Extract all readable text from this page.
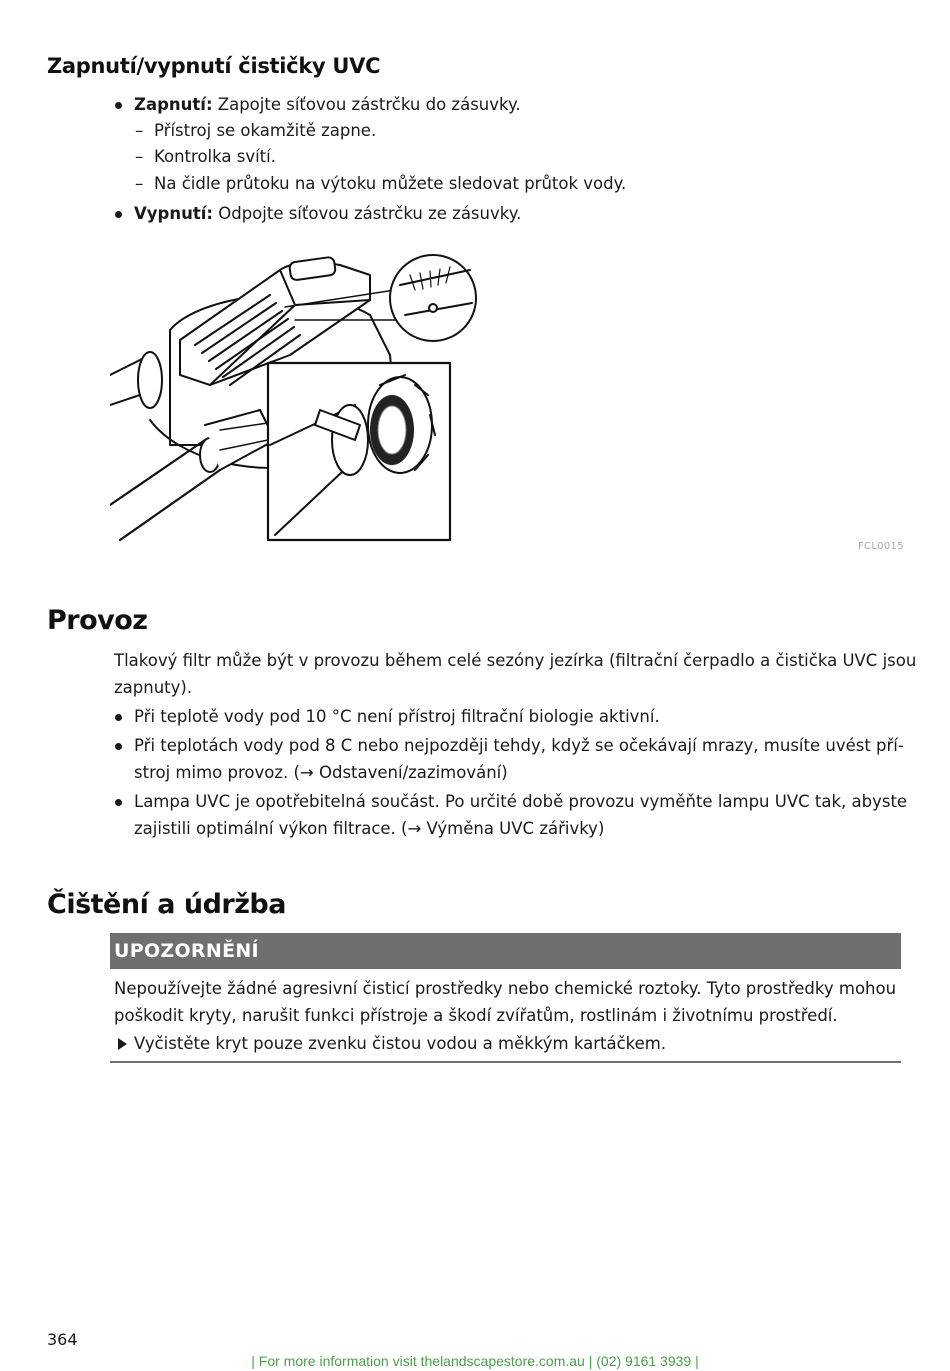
Zapnutí/vypnutí čističky UVC
Zapnutí: Zapojte síťovou zástrčku do zásuvky.
– Přístroj se okamžitě zapne.
– Kontrolka svítí.
– Na čidle průtoku na výtoku můžete sledovat průtok vody.
Vypnutí: Odpojte síťovou zástrčku ze zásuvky.
FCL0015
Provoz
Tlakový filtr může být v provozu během celé sezóny jezírka (filtrační čerpadlo a čistička UVC jsou
zapnuty).
Při teplotě vody pod 10 °C není přístroj filtrační biologie aktivní.
Při teplotách vody pod 8 C nebo nejpozději tehdy, když se očekávají mrazy, musíte uvést pří-
stroj mimo provoz. (→ Odstavení/zazimování)
Lampa UVC je opotřebitelná součást. Po určité době provozu vyměňte lampu UVC tak, abyste
zajistili optimální výkon filtrace. (→ Výměna UVC zářivky)
Čištění a údržba
UPOZORNĚNÍ
Nepoužívejte žádné agresivní čisticí prostředky nebo chemické roztoky. Tyto prostředky mohou
poškodit kryty, narušit funkci přístroje a škodí zvířatům, rostlinám i životnímu prostředí.
Vyčistěte kryt pouze zvenku čistou vodou a měkkým kartáčkem.
364
| For more information visit thelandscapestore.com.au | (02) 9161 3939 |
